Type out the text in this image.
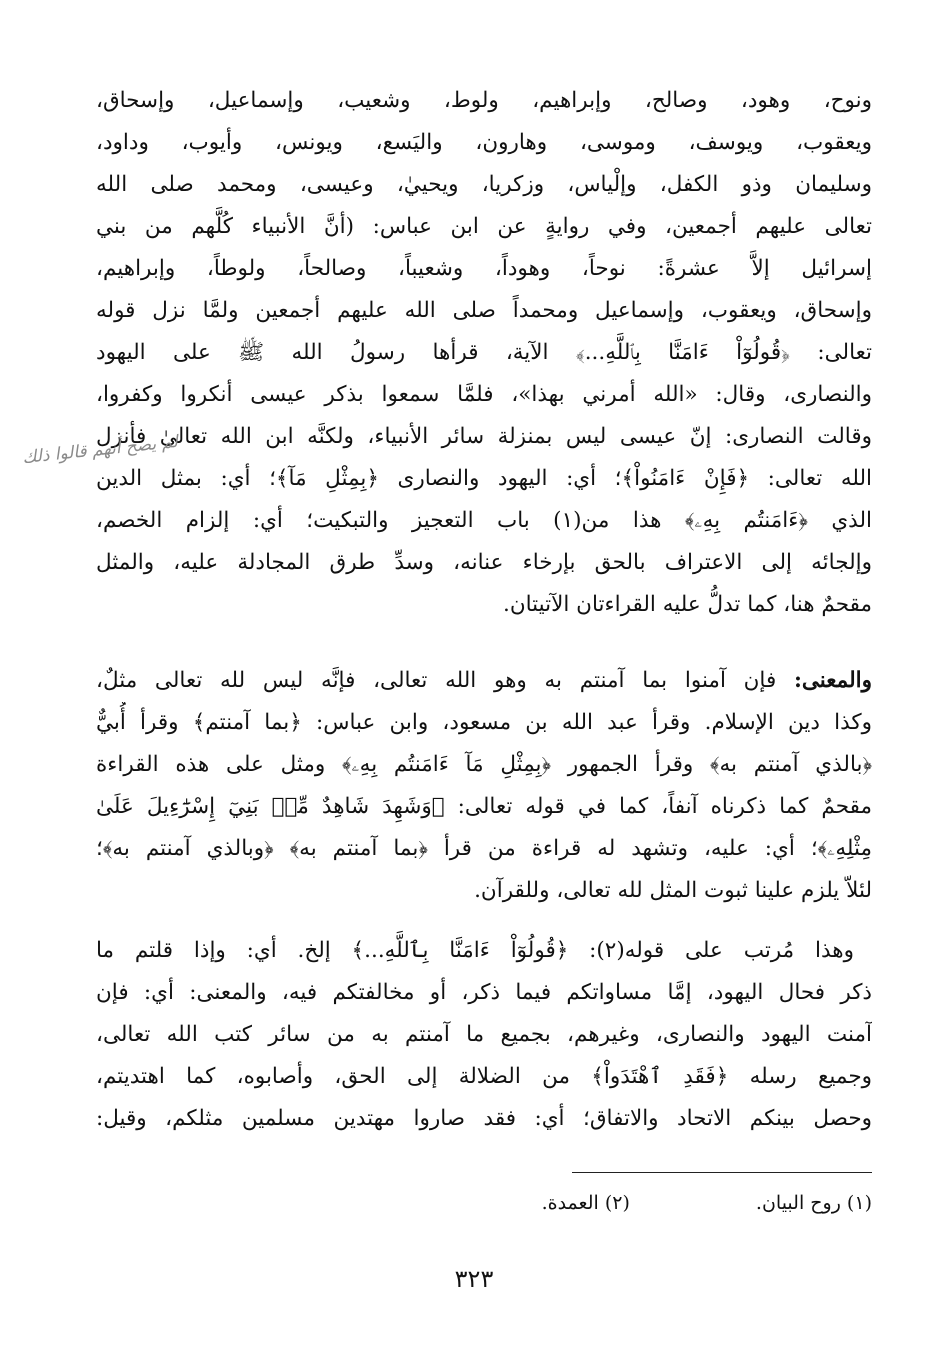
ونوح، وهود، وصالح، وإبراهيم، ولوط، وشعيب، وإسماعيل، وإسحاق،
ويعقوب، ويوسف، وموسى، وهارون، واليَسع، ويونس، وأيوب، وداود،
وسليمان وذو الكفل، وإلْياس، وزكريا، ويحييٰ، وعيسى، ومحمد صلى الله
تعالى عليهم أجمعين، وفي روايةٍ عن ابن عباس: (أنَّ الأنبياء كُلَّهم من بني
إسرائيل إلاَّ عشرةً: نوحاً، وهوداً، وشعيباً، وصالحاً، ولوطاً، وإبراهيم،
وإسحاق، ويعقوب، وإسماعيل ومحمداً صلى الله عليهم أجمعين ولمَّا نزل قوله
تعالى: ﴿قُولُوٓاْ ءَامَنَّا بِٱللَّهِ...﴾ الآية، قرأها رسولُ الله ﷺ على اليهود
والنصارى، وقال: «الله أمرني بهذا»، فلمَّا سمعوا بذكر عيسى أنكروا وكفروا،
وقالت النصارى: إنّ عيسى ليس بمنزلة سائر الأنبياء، ولكنَّه ابن الله تعالىٰ فأنزل
الله تعالى: ﴿فَإِنْ ءَامَنُواْ﴾؛ أي: اليهود والنصارى ﴿بِمِثْلِ مَآ﴾؛ أي: بمثل الدين
الذي ﴿ءَامَنتُم بِهِۦ﴾ هذا من(١) باب التعجيز والتبكيت؛ أي: إلزام الخصم،
وإلجائه إلى الاعتراف بالحق بإرخاء عنانه، وسدِّ طرق المجادلة عليه، والمثل
مقحمٌ هنا، كما تدلُّ عليه القراءتان الآتيتان.
لم يصح أنهم قالوا ذلك
والمعنى: فإن آمنوا بما آمنتم به وهو الله تعالى، فإنَّه ليس لله تعالى مثلٌ،
وكذا دين الإسلام. وقرأ عبد الله بن مسعود، وابن عباس: ﴿بما آمنتم﴾ وقرأ أُبيٌّ
﴿بالذي آمنتم به﴾ وقرأ الجمهور ﴿بِمِثْلِ مَآ ءَامَنتُم بِهِۦ﴾ ومثل على هذه القراءة
مقحمٌ كما ذكرناه آنفاً، كما في قوله تعالى: ﴿وَشَهِدَ شَاهِدٌ مِّنۢ بَنِيٓ إِسْرَٰٓءِيلَ عَلَىٰ
مِثْلِهِۦ﴾؛ أي: عليه، وتشهد له قراءة من قرأ ﴿بما آمنتم به﴾ ﴿وبالذي آمنتم به﴾؛
لئلاّ يلزم علينا ثبوت المثل لله تعالى، وللقرآن.
وهذا مُرتب على قوله(٢): ﴿قُولُوٓاْ ءَامَنَّا بِٱللَّهِ...﴾ إلخ. أي: وإذا قلتم ما
ذكر فحال اليهود، إمَّا مساواتكم فيما ذكر، أو مخالفتكم فيه، والمعنى: أي: فإن
آمنت اليهود والنصارى، وغيرهم، بجميع ما آمنتم به من سائر كتب الله تعالى،
وجميع رسله ﴿فَقَدِ ٱهْتَدَواْ﴾ من الضلالة إلى الحق، وأصابوه، كما اهتديتم،
وحصل بينكم الاتحاد والاتفاق؛ أي: فقد صاروا مهتدين مسلمين مثلكم، وقيل:
(١) روح البيان. (٢) العمدة.
٣٢٣
